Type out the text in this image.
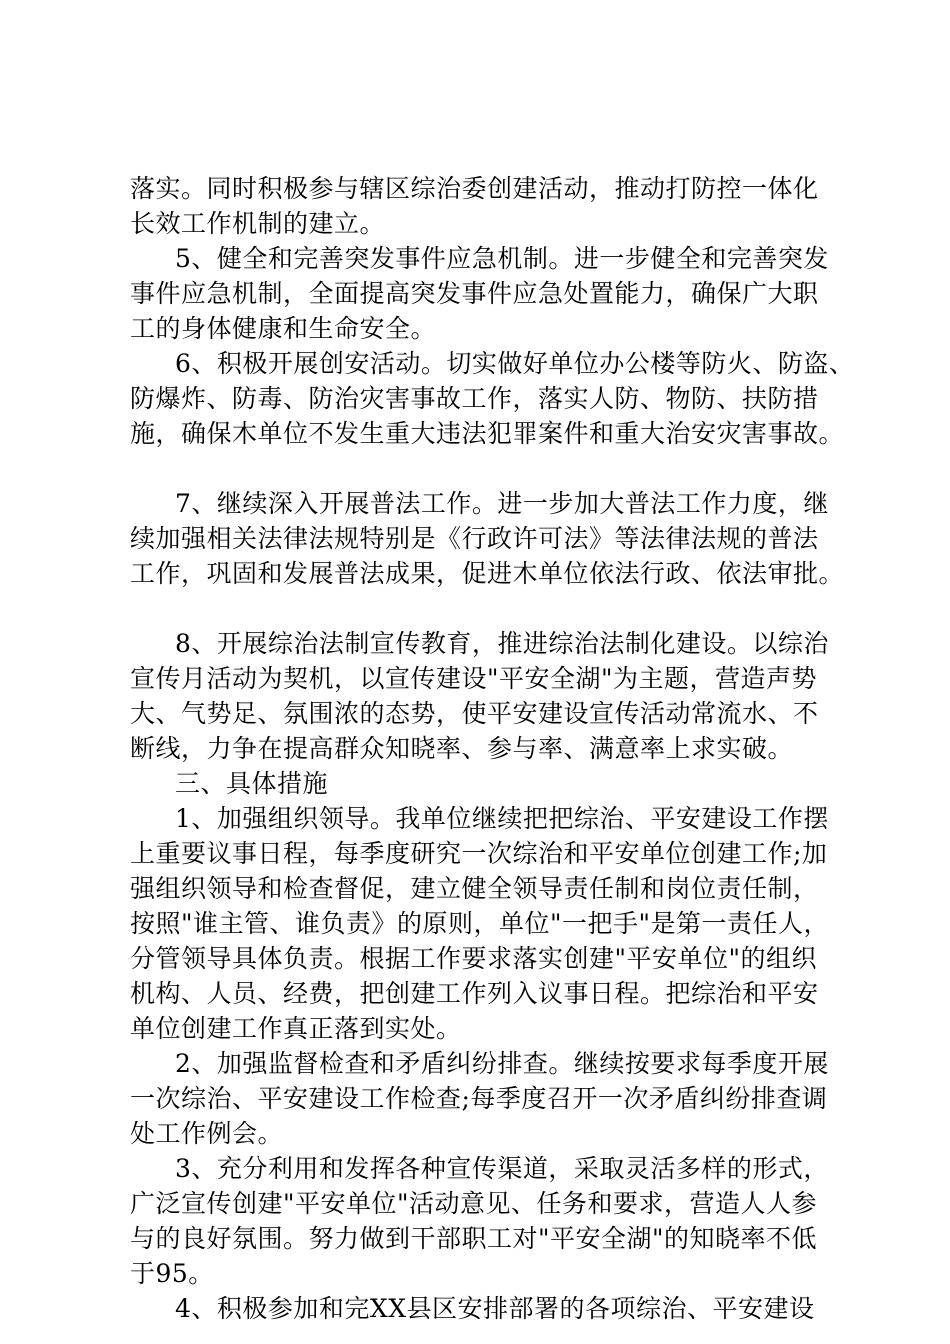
落实。同时积极参与辖区综治委创建活动，推动打防控一体化
长效工作机制的建立。
5、健全和完善突发事件应急机制。进一步健全和完善突发
事件应急机制，全面提高突发事件应急处置能力，确保广大职
工的身体健康和生命安全。
6、积极开展创安活动。切实做好单位办公楼等防火、防盗、
防爆炸、防毒、防治灾害事故工作，落实人防、物防、扶防措
施，确保木单位不发生重大违法犯罪案件和重大治安灾害事故。
7、继续深入开展普法工作。进一步加大普法工作力度，继
续加强相关法律法规特别是《行政许可法》等法律法规的普法
工作，巩固和发展普法成果，促进木单位依法行政、依法审批。
8、开展综治法制宣传教育，推进综治法制化建设。以综治
宣传月活动为契机，以宣传建设"平安全湖"为主题，营造声势
大、气势足、氛围浓的态势，使平安建设宣传活动常流水、不
断线，力争在提高群众知晓率、参与率、满意率上求实破。
三、具体措施
1、加强组织领导。我单位继续把把综治、平安建设工作摆
上重要议事日程，每季度研究一次综治和平安单位创建工作;加
强组织领导和检查督促，建立健全领导责任制和岗位责任制，
按照"谁主管、谁负责》的原则，单位"一把手"是第一责任人，
分管领导具体负责。根据工作要求落实创建"平安单位"的组织
机构、人员、经费，把创建工作列入议事日程。把综治和平安
单位创建工作真正落到实处。
2、加强监督检查和矛盾纠纷排查。继续按要求每季度开展
一次综治、平安建设工作检查;每季度召开一次矛盾纠纷排查调
处工作例会。
3、充分利用和发挥各种宣传渠道，采取灵活多样的形式，
广泛宣传创建"平安单位"活动意见、任务和要求，营造人人参
与的良好氛围。努力做到干部职工对"平安全湖"的知晓率不低
于95。
4、积极参加和完XX县区安排部署的各项综治、平安建设
